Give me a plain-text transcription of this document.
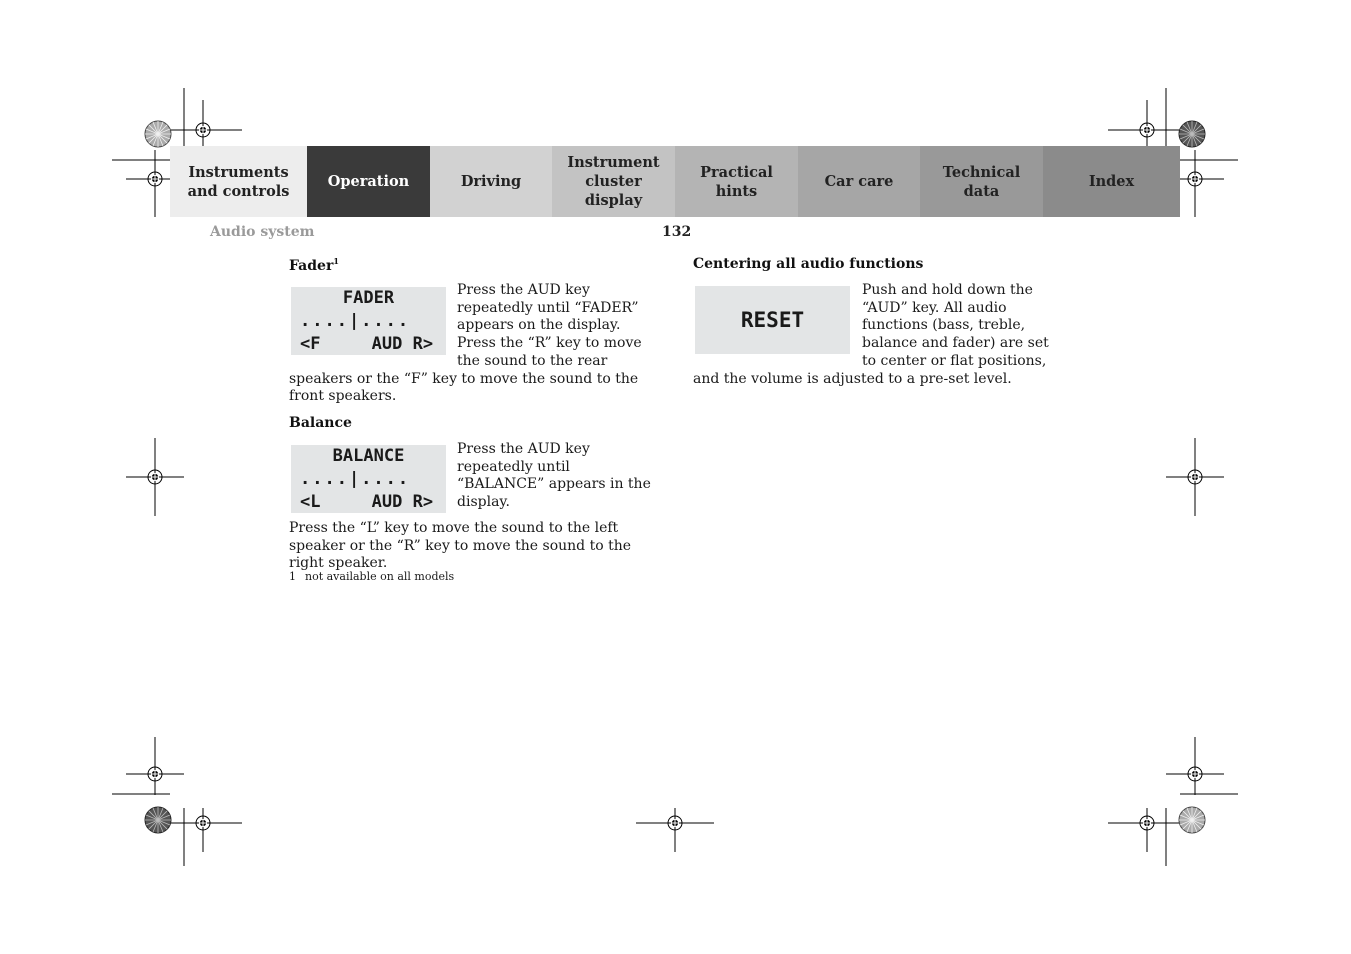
Instruments
and controls
Operation	Driving
Instrument
cluster display
Practical hints
Car care
Technical
data
Index
Audio system	132
Fader$^1$
FADER
....|....
<F     AUD R>

Press the AUD key repeatedly until “FADER” appears on the display. Press the “R” key to move the sound to the rear speakers or the “F” key to move the sound to the front speakers.

Balance
BALANCE
....|....
<L     AUD R>

Press the AUD key repeatedly until “BALANCE” appears in the display.

Press the “L” key to move the sound to the left speaker or the “R” key to move the sound to the right speaker.

Centering all audio functions
RESET

Push and hold down the “AUD” key. All audio functions (bass, treble, balance and fader) are set to center or flat positions, and the volume is adjusted to a pre-set level.

1 not available on all models
